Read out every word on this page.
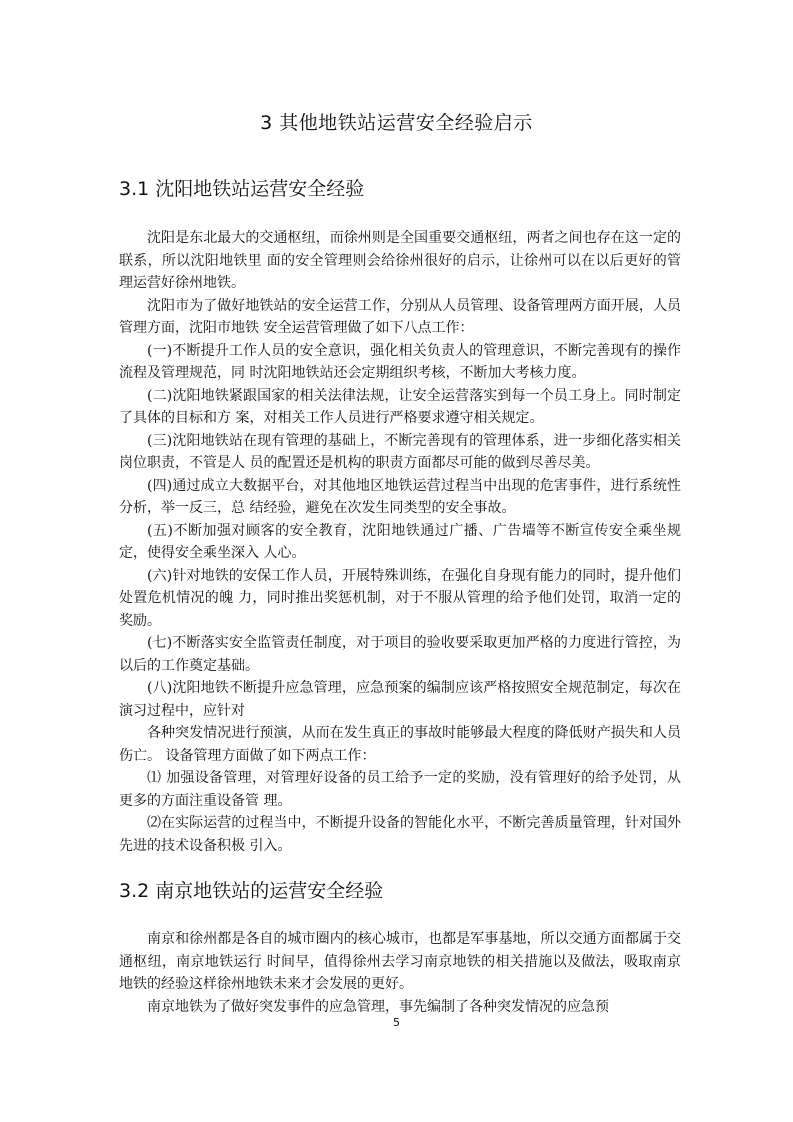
3 其他地铁站运营安全经验启示
3.1 沈阳地铁站运营安全经验

沈阳是东北最大的交通枢纽，而徐州则是全国重要交通枢纽，两者之间也存在这一定的联系，所以沈阳地铁里 面的安全管理则会给徐州很好的启示，让徐州可以在以后更好的管理运营好徐州地铁。

沈阳市为了做好地铁站的安全运营工作，分别从人员管理、设备管理两方面开展，人员管理方面，沈阳市地铁 安全运营管理做了如下八点工作：

(一)不断提升工作人员的安全意识，强化相关负责人的管理意识，不断完善现有的操作流程及管理规范，同 时沈阳地铁站还会定期组织考核，不断加大考核力度。

(二)沈阳地铁紧跟国家的相关法律法规，让安全运营落实到每一个员工身上。同时制定了具体的目标和方 案，对相关工作人员进行严格要求遵守相关规定。

(三)沈阳地铁站在现有管理的基础上，不断完善现有的管理体系，进一步细化落实相关岗位职责，不管是人 员的配置还是机构的职责方面都尽可能的做到尽善尽美。

(四)通过成立大数据平台，对其他地区地铁运营过程当中出现的危害事件，进行系统性分析，举一反三，总 结经验，避免在次发生同类型的安全事故。

(五)不断加强对顾客的安全教育，沈阳地铁通过广播、广告墙等不断宣传安全乘坐规定，使得安全乘坐深入 人心。

(六)针对地铁的安保工作人员，开展特殊训练，在强化自身现有能力的同时，提升他们处置危机情况的魄 力，同时推出奖惩机制，对于不服从管理的给予他们处罚，取消一定的奖励。

(七)不断落实安全监管责任制度，对于项目的验收要采取更加严格的力度进行管控，为以后的工作奠定基础。

(八)沈阳地铁不断提升应急管理，应急预案的编制应该严格按照安全规范制定，每次在演习过程中，应针对

各种突发情况进行预演，从而在发生真正的事故时能够最大程度的降低财产损失和人员伤亡。 设备管理方面做了如下两点工作：

⑴ 加强设备管理，对管理好设备的员工给予一定的奖励，没有管理好的给予处罚，从更多的方面注重设备管 理。

⑵在实际运营的过程当中，不断提升设备的智能化水平，不断完善质量管理，针对国外先进的技术设备积极 引入。

3.2 南京地铁站的运营安全经验

南京和徐州都是各自的城市圈内的核心城市，也都是军事基地，所以交通方面都属于交通枢纽，南京地铁运行 时间早，值得徐州去学习南京地铁的相关措施以及做法，吸取南京地铁的经验这样徐州地铁未来才会发展的更好。

南京地铁为了做好突发事件的应急管理，事先编制了各种突发情况的应急预

5
